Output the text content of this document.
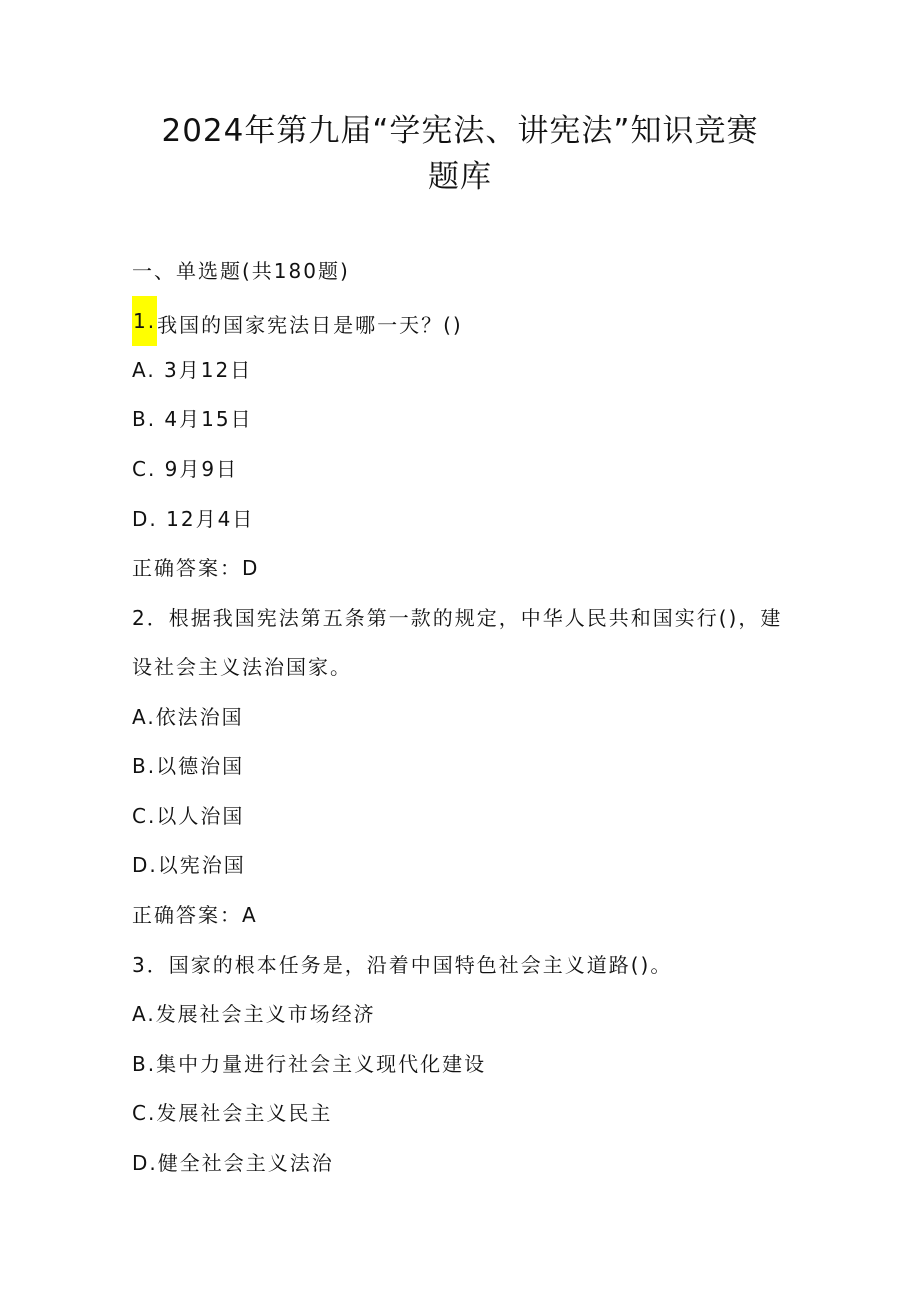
2024年第九届“学宪法、讲宪法”知识竞赛
题库
一、单选题(共180题)
1.我国的国家宪法日是哪一天？()
A. 3月12日
B. 4月15日
C. 9月9日
D. 12月4日
正确答案：D
2．根据我国宪法第五条第一款的规定，中华人民共和国实行()，建
设社会主义法治国家。
A.依法治国
B.以德治国
C.以人治国
D.以宪治国
正确答案：A
3．国家的根本任务是，沿着中国特色社会主义道路()。
A.发展社会主义市场经济
B.集中力量进行社会主义现代化建设
C.发展社会主义民主
D.健全社会主义法治
